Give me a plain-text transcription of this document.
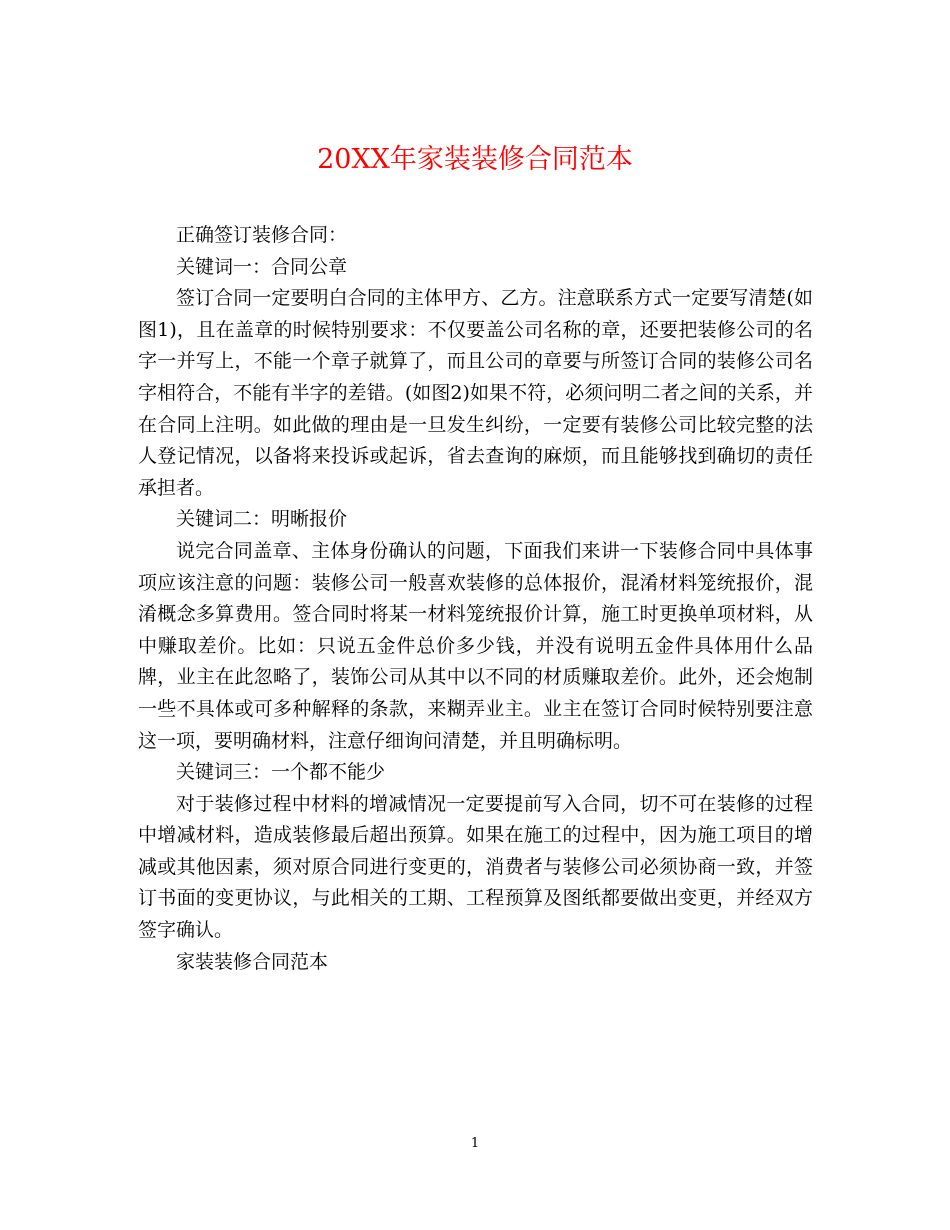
20XX年家装装修合同范本

正确签订装修合同：

关键词一：合同公章

签订合同一定要明白合同的主体甲方、乙方。注意联系方式一定要写清楚(如图1)，且在盖章的时候特别要求：不仅要盖公司名称的章，还要把装修公司的名字一并写上，不能一个章子就算了，而且公司的章要与所签订合同的装修公司名字相符合，不能有半字的差错。(如图2)如果不符，必须问明二者之间的关系，并在合同上注明。如此做的理由是一旦发生纠纷，一定要有装修公司比较完整的法人登记情况，以备将来投诉或起诉，省去查询的麻烦，而且能够找到确切的责任承担者。

关键词二：明晰报价

说完合同盖章、主体身份确认的问题，下面我们来讲一下装修合同中具体事项应该注意的问题：装修公司一般喜欢装修的总体报价，混淆材料笼统报价，混淆概念多算费用。签合同时将某一材料笼统报价计算，施工时更换单项材料，从中赚取差价。比如：只说五金件总价多少钱，并没有说明五金件具体用什么品牌，业主在此忽略了，装饰公司从其中以不同的材质赚取差价。此外，还会炮制一些不具体或可多种解释的条款，来糊弄业主。业主在签订合同时候特别要注意这一项，要明确材料，注意仔细询问清楚，并且明确标明。

关键词三：一个都不能少

对于装修过程中材料的增减情况一定要提前写入合同，切不可在装修的过程中增减材料，造成装修最后超出预算。如果在施工的过程中，因为施工项目的增减或其他因素，须对原合同进行变更的，消费者与装修公司必须协商一致，并签订书面的变更协议，与此相关的工期、工程预算及图纸都要做出变更，并经双方签字确认。

家装装修合同范本

1
